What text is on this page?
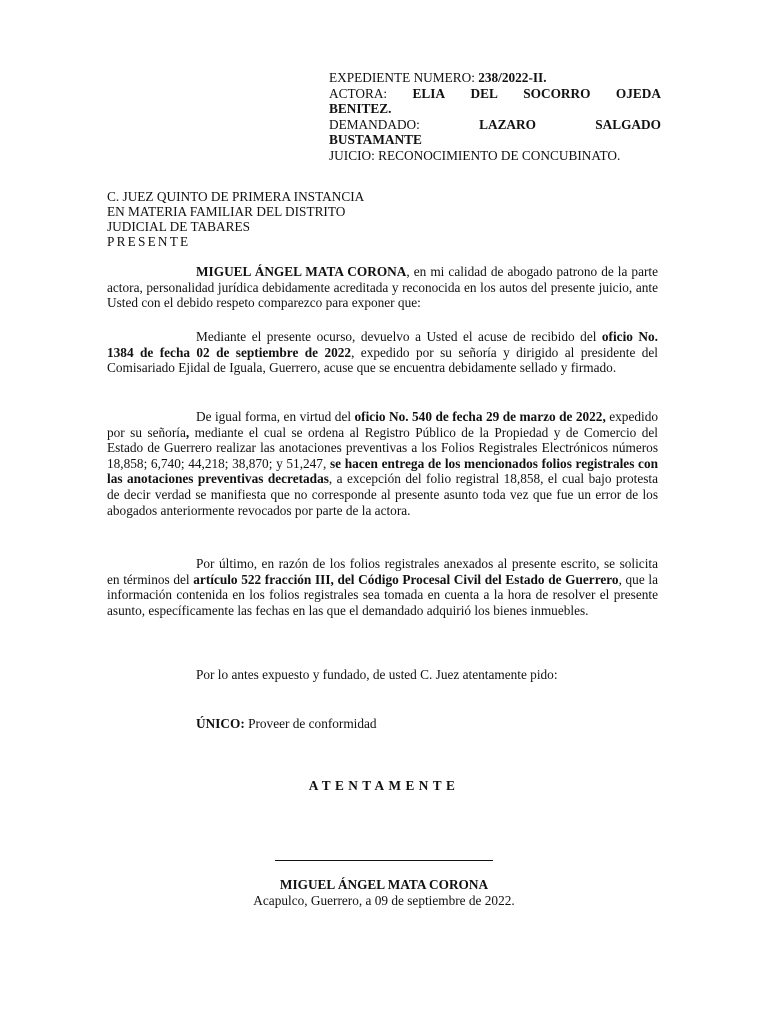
EXPEDIENTE NUMERO: 238/2022-II.
ACTORA: ELIA DEL SOCORRO OJEDA
BENITEZ.
DEMANDADO:	LAZARO	SALGADO
BUSTAMANTE
JUICIO: RECONOCIMIENTO DE CONCUBINATO.
C. JUEZ QUINTO DE PRIMERA INSTANCIA
EN MATERIA FAMILIAR DEL DISTRITO
JUDICIAL DE TABARES
PRESENTE

MIGUEL ÁNGEL MATA CORONA, en mi calidad de abogado patrono de la parte actora, personalidad jurídica debidamente acreditada y reconocida en los autos del presente juicio, ante Usted con el debido respeto comparezco para exponer que:

Mediante el presente ocurso, devuelvo a Usted el acuse de recibido del oficio No. 1384 de fecha 02 de septiembre de 2022, expedido por su señoría y dirigido al presidente del Comisariado Ejidal de Iguala, Guerrero, acuse que se encuentra debidamente sellado y firmado.

De igual forma, en virtud del oficio No. 540 de fecha 29 de marzo de 2022, expedido por su señoría, mediante el cual se ordena al Registro Público de la Propiedad y de Comercio del Estado de Guerrero realizar las anotaciones preventivas a los Folios Registrales Electrónicos números 18,858; 6,740; 44,218; 38,870; y 51,247, se hacen entrega de los mencionados folios registrales con las anotaciones preventivas decretadas, a excepción del folio registral 18,858, el cual bajo protesta de decir verdad se manifiesta que no corresponde al presente asunto toda vez que fue un error de los abogados anteriormente revocados por parte de la actora.

Por último, en razón de los folios registrales anexados al presente escrito, se solicita en términos del artículo 522 fracción III, del Código Procesal Civil del Estado de Guerrero, que la información contenida en los folios registrales sea tomada en cuenta a la hora de resolver el presente asunto, específicamente las fechas en las que el demandado adquirió los bienes inmuebles.

Por lo antes expuesto y fundado, de usted C. Juez atentamente pido:

ÚNICO: Proveer de conformidad

ATENTAMENTE
MIGUEL ÁNGEL MATA CORONA
Acapulco, Guerrero, a 09 de septiembre de 2022.
